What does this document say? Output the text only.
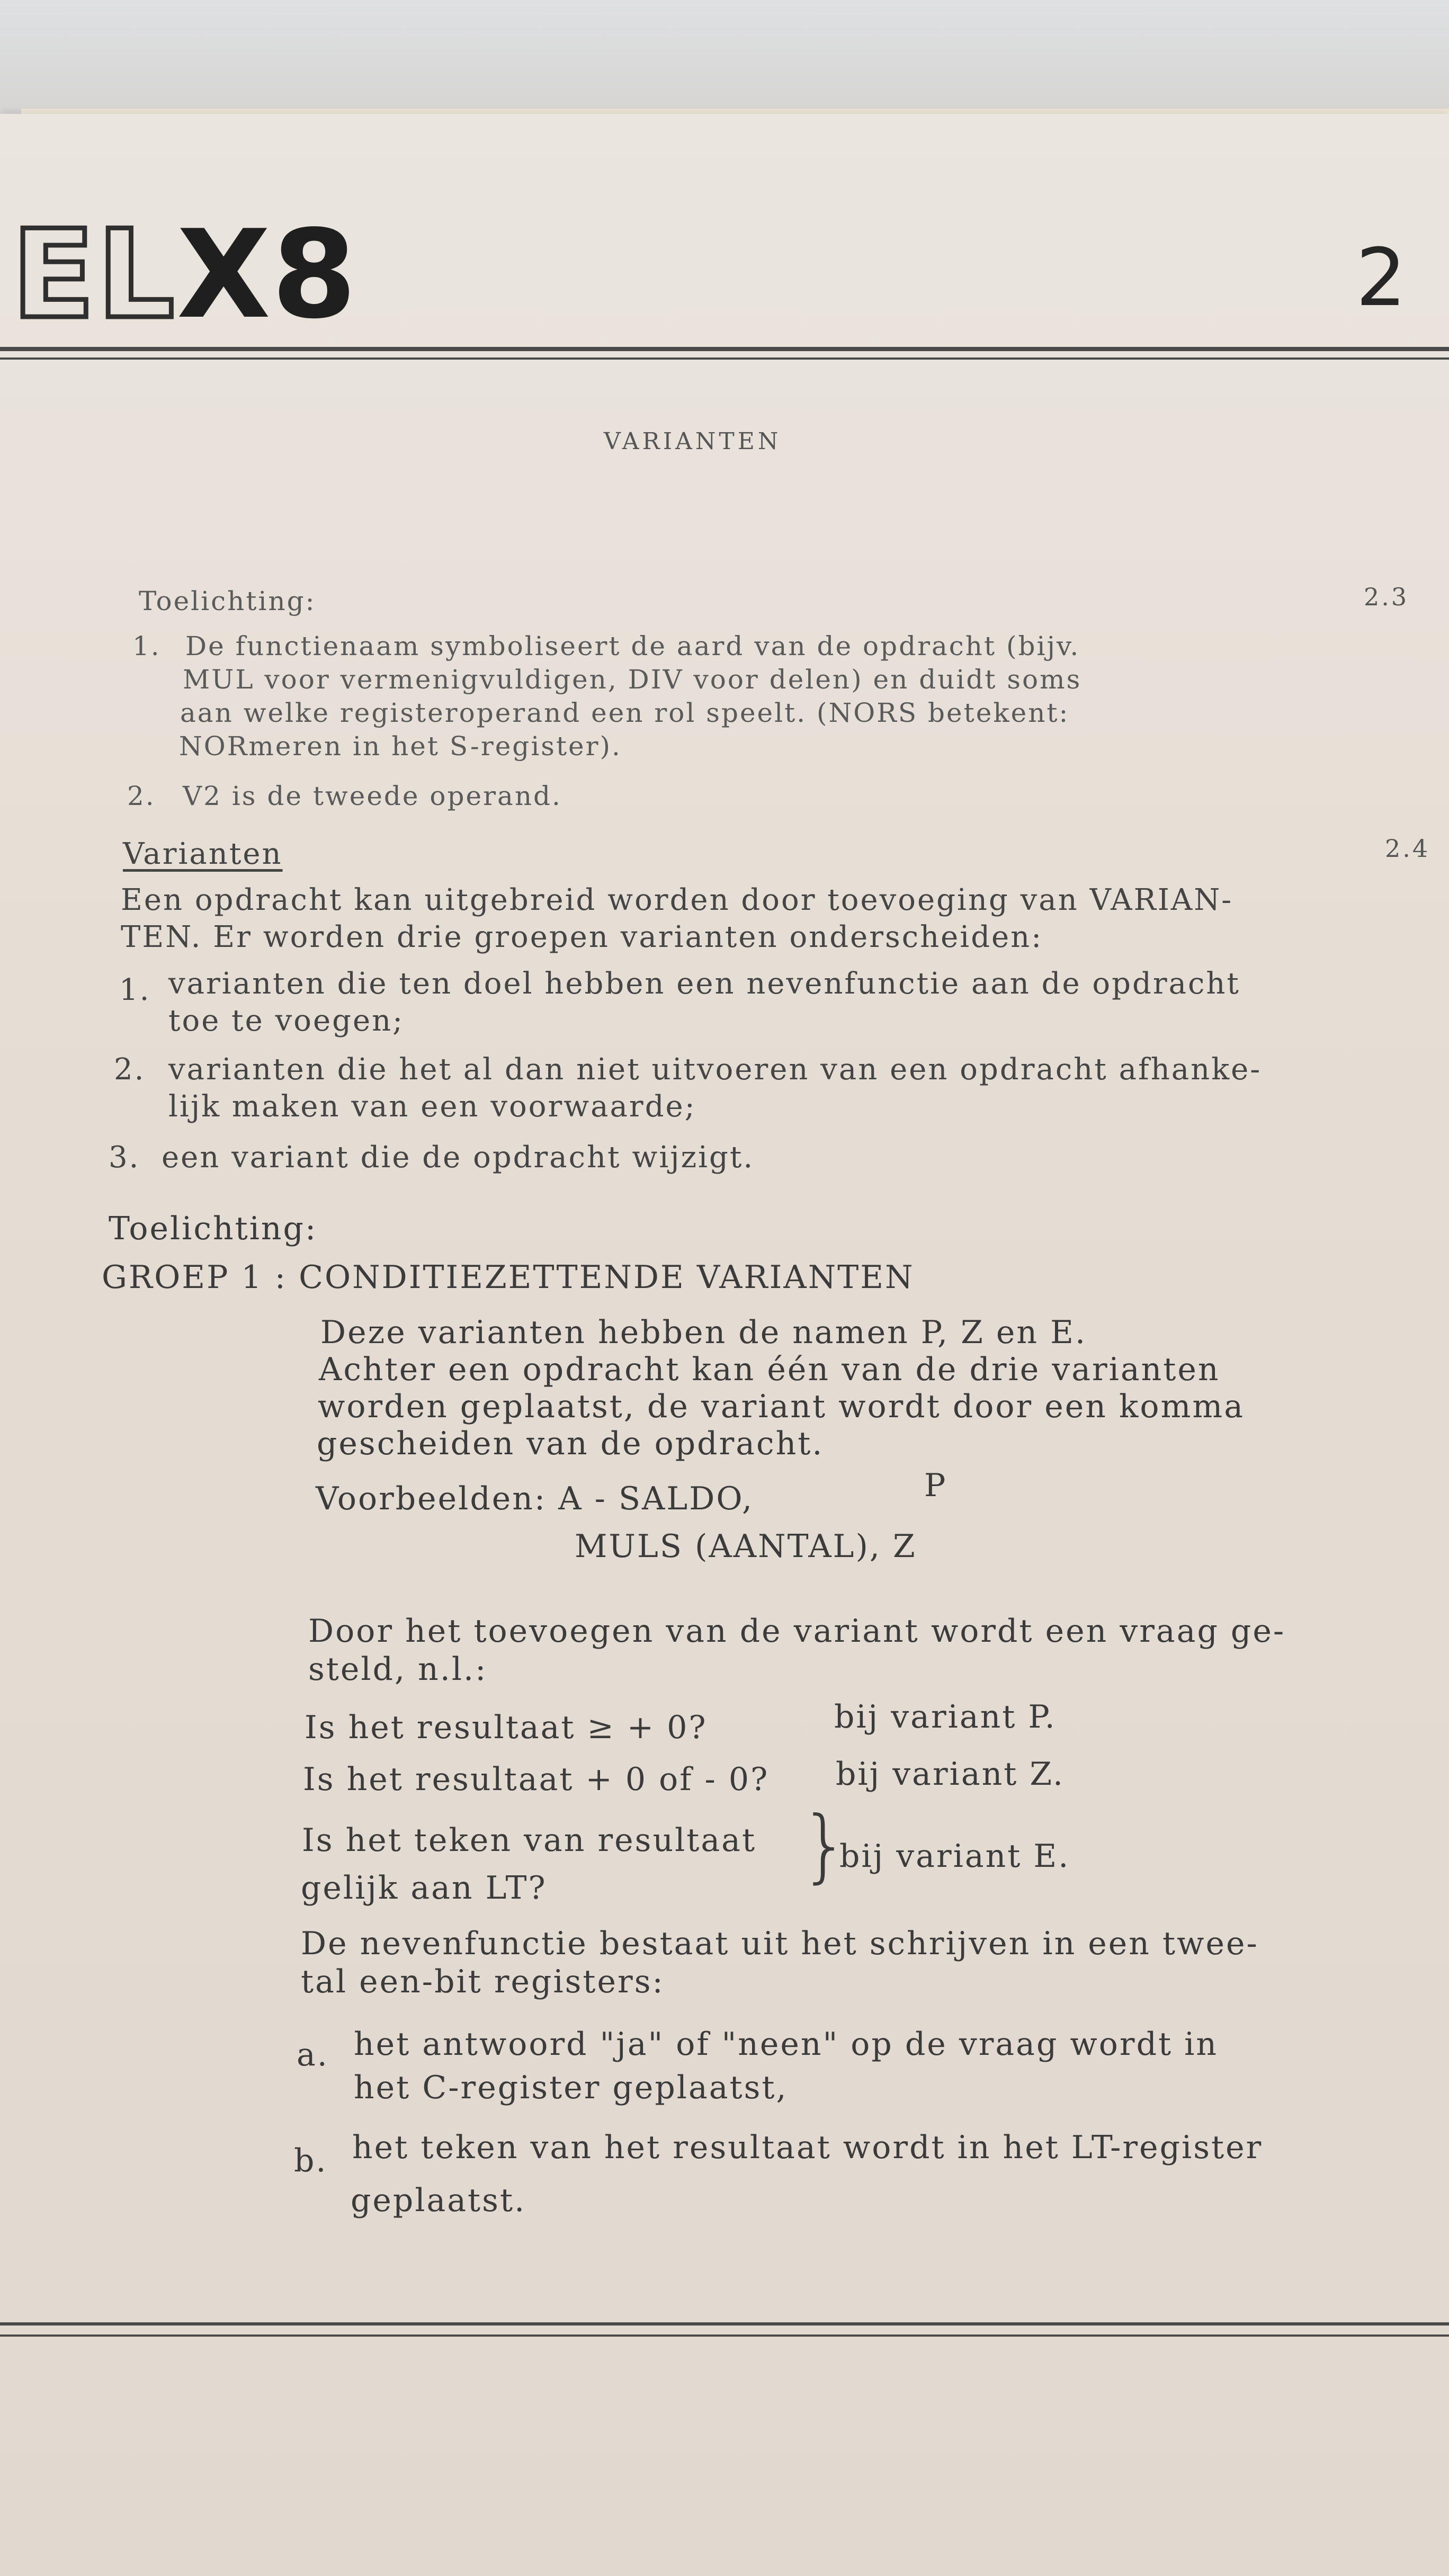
EL X8	2
VARIANTEN
2.3
2.4
Toelichting:
1. De functienaam symboliseert de aard van de opdracht (bijv.
MUL voor vermenigvuldigen, DIV voor delen) en duidt soms
aan welke registeroperand een rol speelt. (NORS betekent:
NORmeren in het S-register).
2. V2 is de tweede operand.
Varianten
Een opdracht kan uitgebreid worden door toevoeging van VARIAN-
TEN. Er worden drie groepen varianten onderscheiden:
1. varianten die ten doel hebben een nevenfunctie aan de opdracht
toe te voegen;
2. varianten die het al dan niet uitvoeren van een opdracht afhanke-
lijk maken van een voorwaarde;
3. een variant die de opdracht wijzigt.
Toelichting:
GROEP 1 : CONDITIEZETTENDE VARIANTEN
Deze varianten hebben de namen P, Z en E.
Achter een opdracht kan één van de drie varianten
worden geplaatst, de variant wordt door een komma
gescheiden van de opdracht.
Voorbeelden: A - SALDO,	P
MULS (AANTAL), Z
Door het toevoegen van de variant wordt een vraag ge-
steld, n.l.:
Is het resultaat ≥ + 0?	bij variant P.
Is het resultaat + 0 of - 0? bij variant Z.
Is het teken van resultaat
gelijk aan LT?	}
bij variant E.
De nevenfunctie bestaat uit het schrijven in een twee-
tal een-bit registers:
a. het antwoord "ja" of "neen" op de vraag wordt in
het C-register geplaatst,
b. het teken van het resultaat wordt in het LT-register
geplaatst.
